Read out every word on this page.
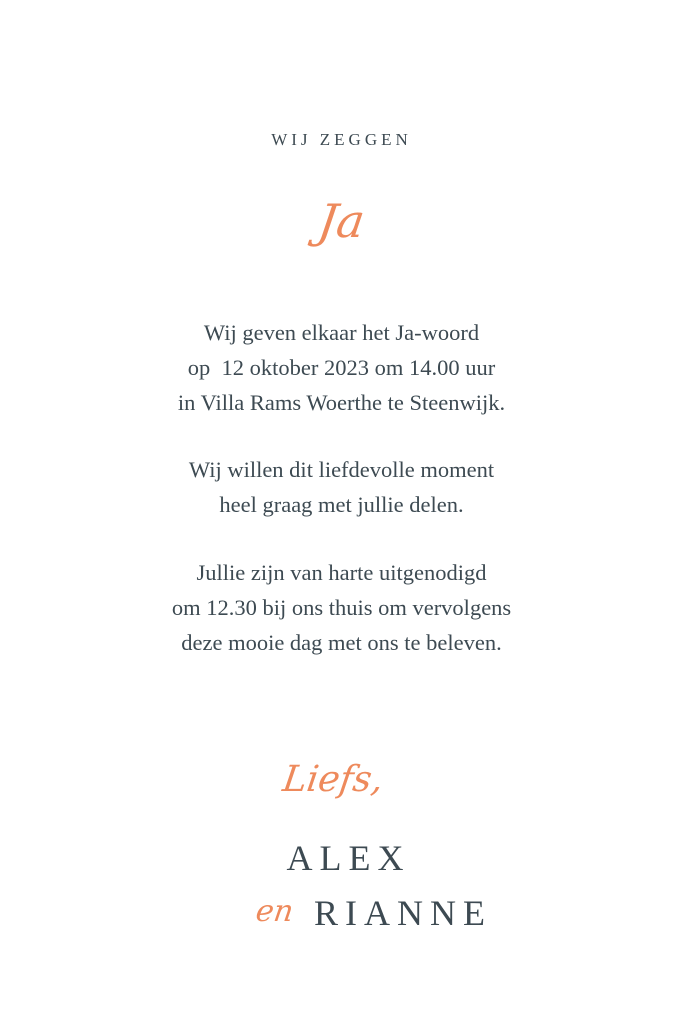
WIJ ZEGGEN
Ja
Wij geven elkaar het Ja-woord
op  12 oktober 2023 om 14.00 uur
in Villa Rams Woerthe te Steenwijk.
Wij willen dit liefdevolle moment
heel graag met jullie delen.
Jullie zijn van harte uitgenodigd
om 12.30 bij ons thuis om vervolgens
deze mooie dag met ons te beleven.
Liefs,
ALEX
en RIANNE
